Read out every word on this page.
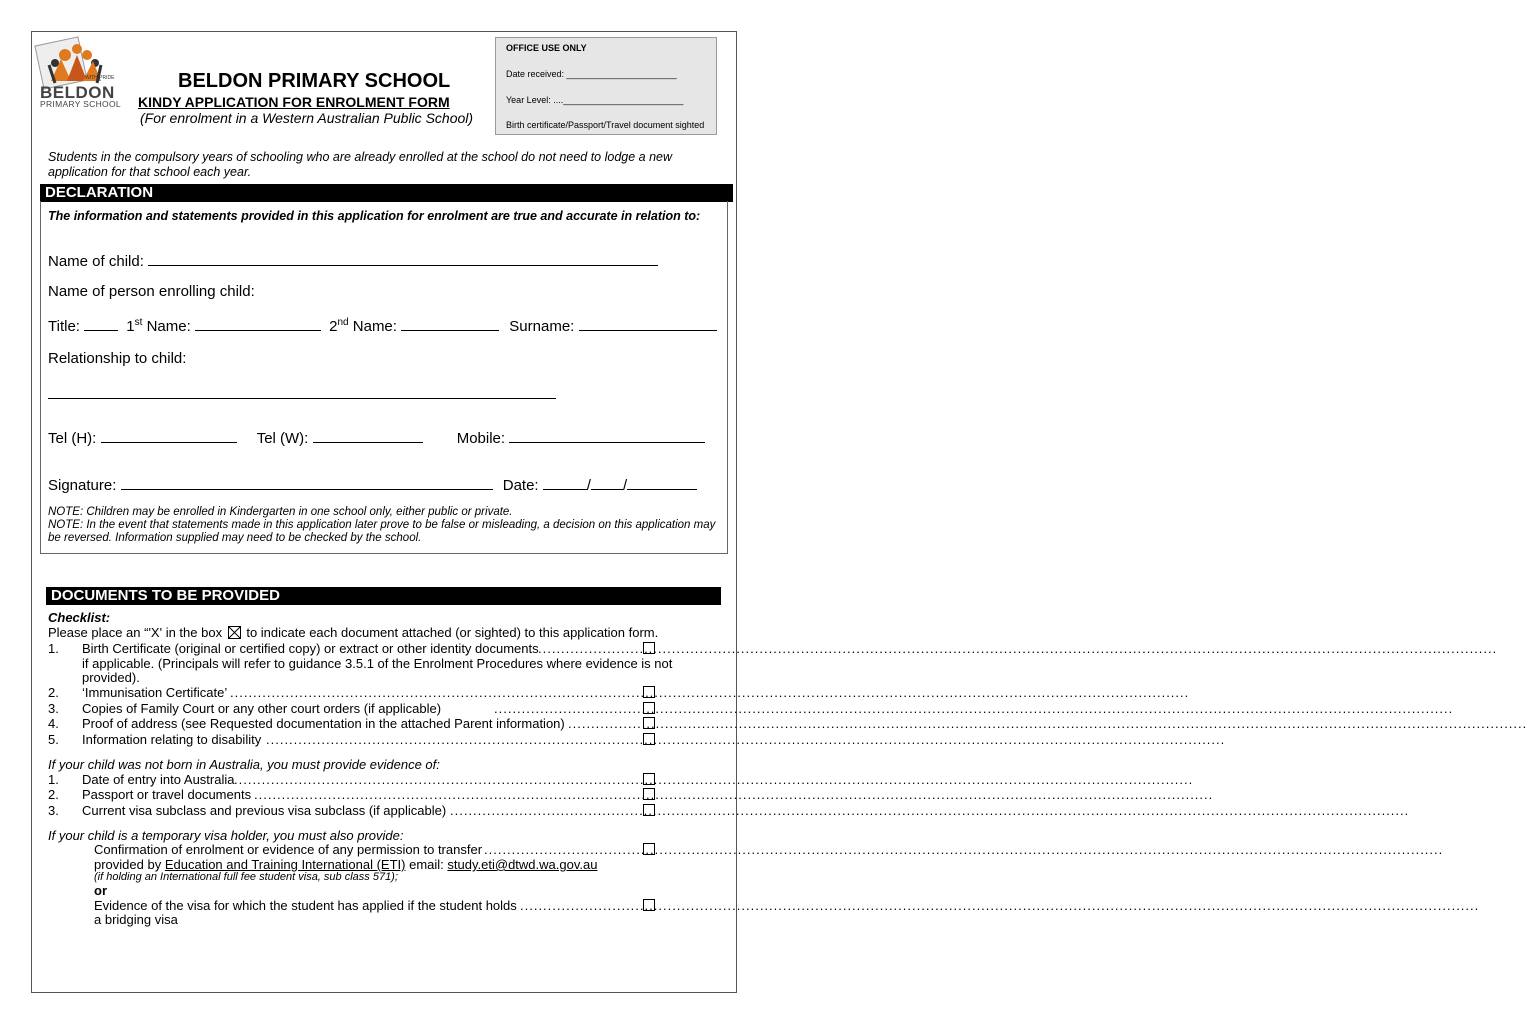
WITH PRIDE
BELDON
PRIMARY SCHOOL
BELDON PRIMARY SCHOOL
KINDY APPLICATION FOR ENROLMENT FORM
(For enrolment in a Western Australian Public School)
OFFICE USE ONLY
Date received: ______________________
Year Level: ....________________________
Birth certificate/Passport/Travel document sighted
Students in the compulsory years of schooling who are already enrolled at the school do not need to lodge a new application for that school each year.
DECLARATION
The information and statements provided in this application for enrolment are true and accurate in relation to:
Name of child:
Name of person enrolling child:
Title:	1st Name:	2nd Name:	Surname:
Relationship to child:
Tel (H):	Tel (W):	Mobile:
Signature:	Date:	/ /
NOTE: Children may be enrolled in Kindergarten in one school only, either public or private.
NOTE: In the event that statements made in this application later prove to be false or misleading, a decision on this application may be reversed. Information supplied may need to be checked by the school.
DOCUMENTS TO BE PROVIDED
Checklist:
Please place an “'X' in the box ☒ to indicate each document attached (or sighted) to this application form.
1. Birth Certificate (original or certified copy) or extract or other identity documents ................................................................................................................................................................................................................
if applicable. (Principals will refer to guidance 3.5.1 of the Enrolment Procedures where evidence is not
provided).
2. ‘Immunisation Certificate’ ................................................................................................................................................................................................................
3. Copies of Family Court or any other court orders (if applicable)	................................................................................................................................................................................................................
4. Proof of address (see Requested documentation in the attached Parent information) ................................................................................................................................................................................................................
5. Information relating to disability ................................................................................................................................................................................................................
If your child was not born in Australia, you must provide evidence of:
1. Date of entry into Australia ................................................................................................................................................................................................................
2. Passport or travel documents ................................................................................................................................................................................................................
3. Current visa subclass and previous visa subclass (if applicable) ................................................................................................................................................................................................................
If your child is a temporary visa holder, you must also provide:
Confirmation of enrolment or evidence of any permission to transfer ................................................................................................................................................................................................................
provided by Education and Training International (ETI) email: study.eti@dtwd.wa.gov.au
(if holding an International full fee student visa, sub class 571);
or
Evidence of the visa for which the student has applied if the student holds ................................................................................................................................................................................................................
a bridging visa
